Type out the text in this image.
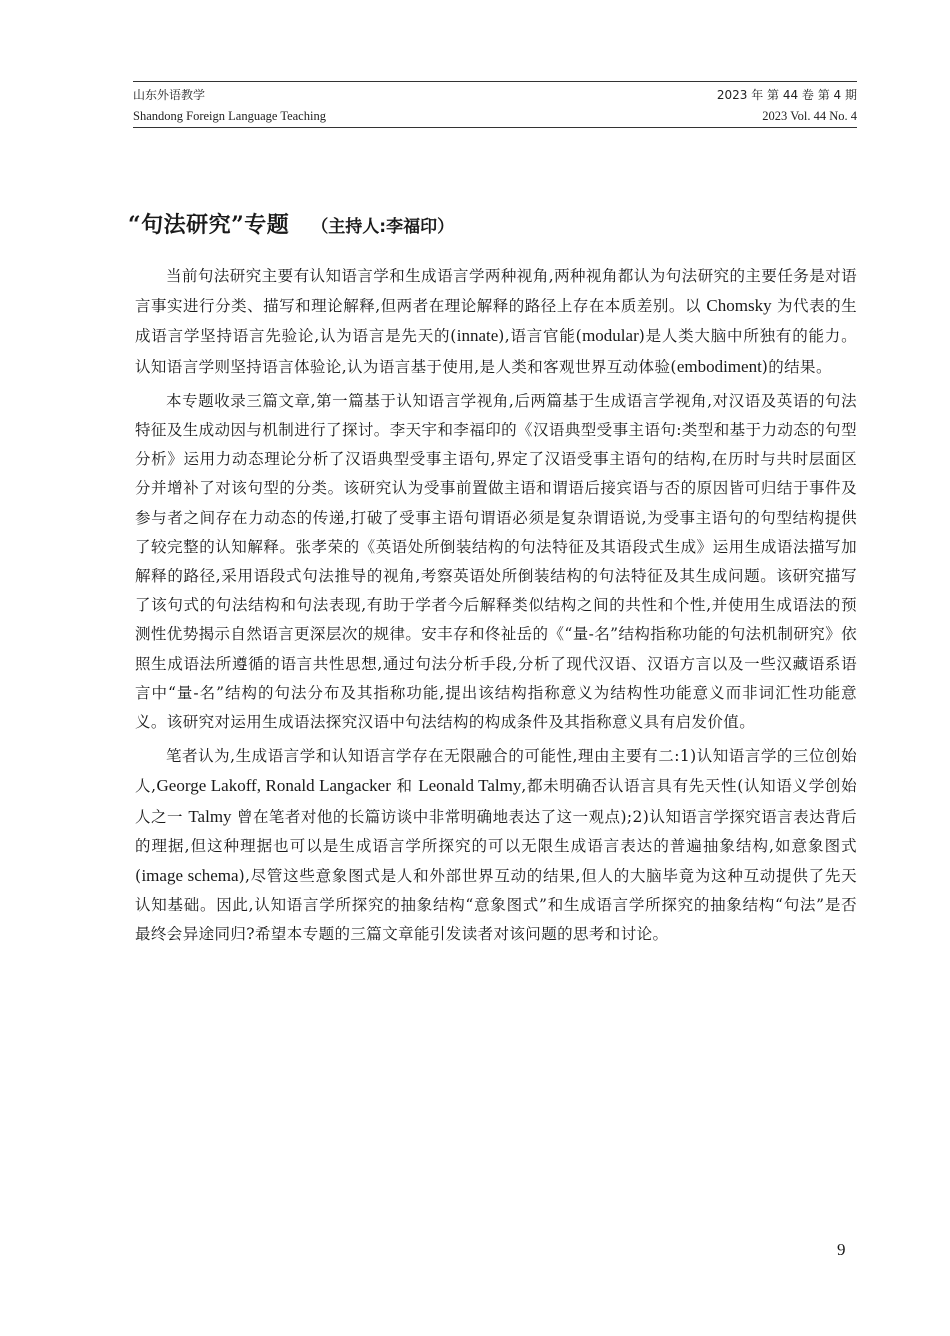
山东外语教学	2023 年 第 44 卷 第 4 期
Shandong Foreign Language Teaching	2023 Vol. 44 No. 4
“句法研究”专题 （主持人:李福印）

当前句法研究主要有认知语言学和生成语言学两种视角,两种视角都认为句法研究的主要任务是对语言事实进行分类、描写和理论解释,但两者在理论解释的路径上存在本质差别。以 Chomsky 为代表的生成语言学坚持语言先验论,认为语言是先天的(innate),语言官能(modular)是人类大脑中所独有的能力。认知语言学则坚持语言体验论,认为语言基于使用,是人类和客观世界互动体验(embodiment)的结果。

本专题收录三篇文章,第一篇基于认知语言学视角,后两篇基于生成语言学视角,对汉语及英语的句法特征及生成动因与机制进行了探讨。李天宇和李福印的《汉语典型受事主语句:类型和基于力动态的句型分析》运用力动态理论分析了汉语典型受事主语句,界定了汉语受事主语句的结构,在历时与共时层面区分并增补了对该句型的分类。该研究认为受事前置做主语和谓语后接宾语与否的原因皆可归结于事件及参与者之间存在力动态的传递,打破了受事主语句谓语必须是复杂谓语说,为受事主语句的句型结构提供了较完整的认知解释。张孝荣的《英语处所倒装结构的句法特征及其语段式生成》运用生成语法描写加解释的路径,采用语段式句法推导的视角,考察英语处所倒装结构的句法特征及其生成问题。该研究描写了该句式的句法结构和句法表现,有助于学者今后解释类似结构之间的共性和个性,并使用生成语法的预测性优势揭示自然语言更深层次的规律。安丰存和佟祉岳的《“量-名”结构指称功能的句法机制研究》依照生成语法所遵循的语言共性思想,通过句法分析手段,分析了现代汉语、汉语方言以及一些汉藏语系语言中“量-名”结构的句法分布及其指称功能,提出该结构指称意义为结构性功能意义而非词汇性功能意义。该研究对运用生成语法探究汉语中句法结构的构成条件及其指称意义具有启发价值。

笔者认为,生成语言学和认知语言学存在无限融合的可能性,理由主要有二:1)认知语言学的三位创始人,George Lakoff, Ronald Langacker 和 Leonald Talmy,都未明确否认语言具有先天性(认知语义学创始人之一 Talmy 曾在笔者对他的长篇访谈中非常明确地表达了这一观点);2)认知语言学探究语言表达背后的理据,但这种理据也可以是生成语言学所探究的可以无限生成语言表达的普遍抽象结构,如意象图式(image schema),尽管这些意象图式是人和外部世界互动的结果,但人的大脑毕竟为这种互动提供了先天认知基础。因此,认知语言学所探究的抽象结构“意象图式”和生成语言学所探究的抽象结构“句法”是否最终会异途同归?希望本专题的三篇文章能引发读者对该问题的思考和讨论。

9
